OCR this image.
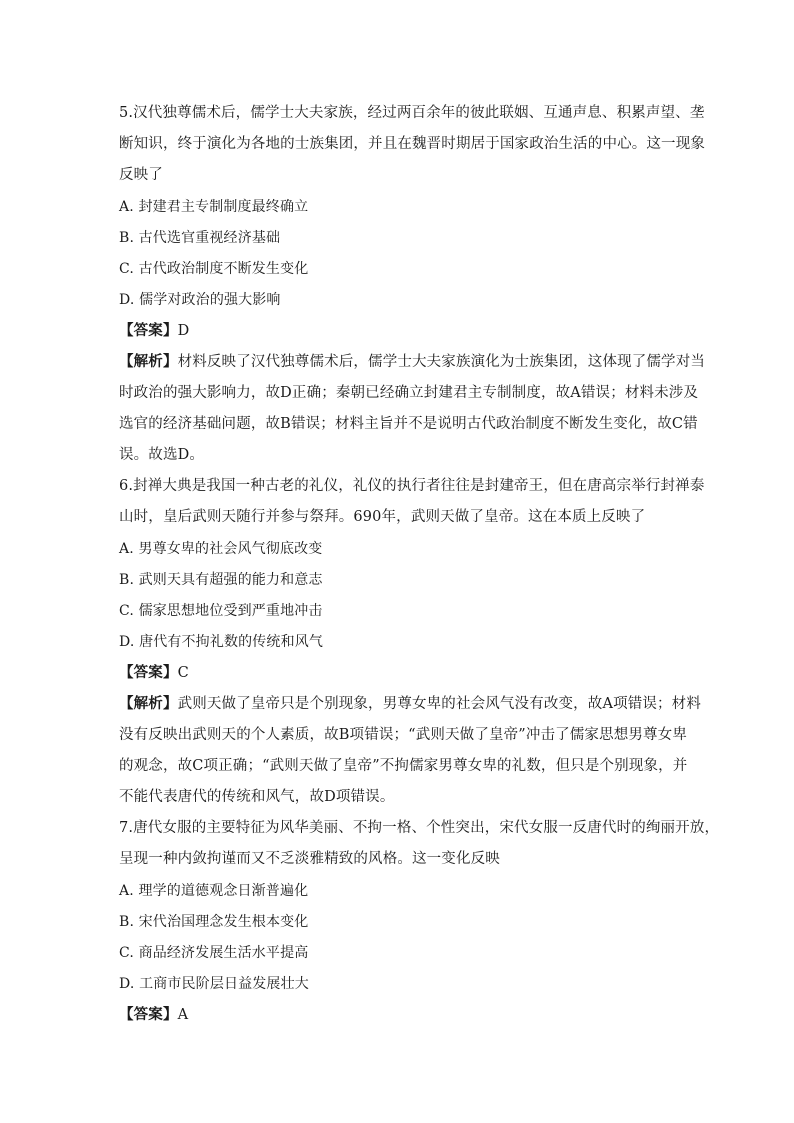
5.汉代独尊儒术后，儒学士大夫家族，经过两百余年的彼此联姻、互通声息、积累声望、垄
断知识，终于演化为各地的士族集团，并且在魏晋时期居于国家政治生活的中心。这一现象
反映了
A. 封建君主专制制度最终确立
B. 古代选官重视经济基础
C. 古代政治制度不断发生变化
D. 儒学对政治的强大影响
【答案】D
【解析】材料反映了汉代独尊儒术后，儒学士大夫家族演化为士族集团，这体现了儒学对当
时政治的强大影响力，故D正确；秦朝已经确立封建君主专制制度，故A错误；材料未涉及
选官的经济基础问题，故B错误；材料主旨并不是说明古代政治制度不断发生变化，故C错
误。故选D。
6.封禅大典是我国一种古老的礼仪，礼仪的执行者往往是封建帝王，但在唐高宗举行封禅泰
山时，皇后武则天随行并参与祭拜。690年，武则天做了皇帝。这在本质上反映了
A. 男尊女卑的社会风气彻底改变
B. 武则天具有超强的能力和意志
C. 儒家思想地位受到严重地冲击
D. 唐代有不拘礼数的传统和风气
【答案】C
【解析】武则天做了皇帝只是个别现象，男尊女卑的社会风气没有改变，故A项错误；材料
没有反映出武则天的个人素质，故B项错误；“武则天做了皇帝”冲击了儒家思想男尊女卑
的观念，故C项正确；“武则天做了皇帝”不拘儒家男尊女卑的礼数，但只是个别现象，并
不能代表唐代的传统和风气，故D项错误。
7.唐代女服的主要特征为风华美丽、不拘一格、个性突出，宋代女服一反唐代时的绚丽开放，
呈现一种内敛拘谨而又不乏淡雅精致的风格。这一变化反映
A. 理学的道德观念日渐普遍化
B. 宋代治国理念发生根本变化
C. 商品经济发展生活水平提高
D. 工商市民阶层日益发展壮大
【答案】A
